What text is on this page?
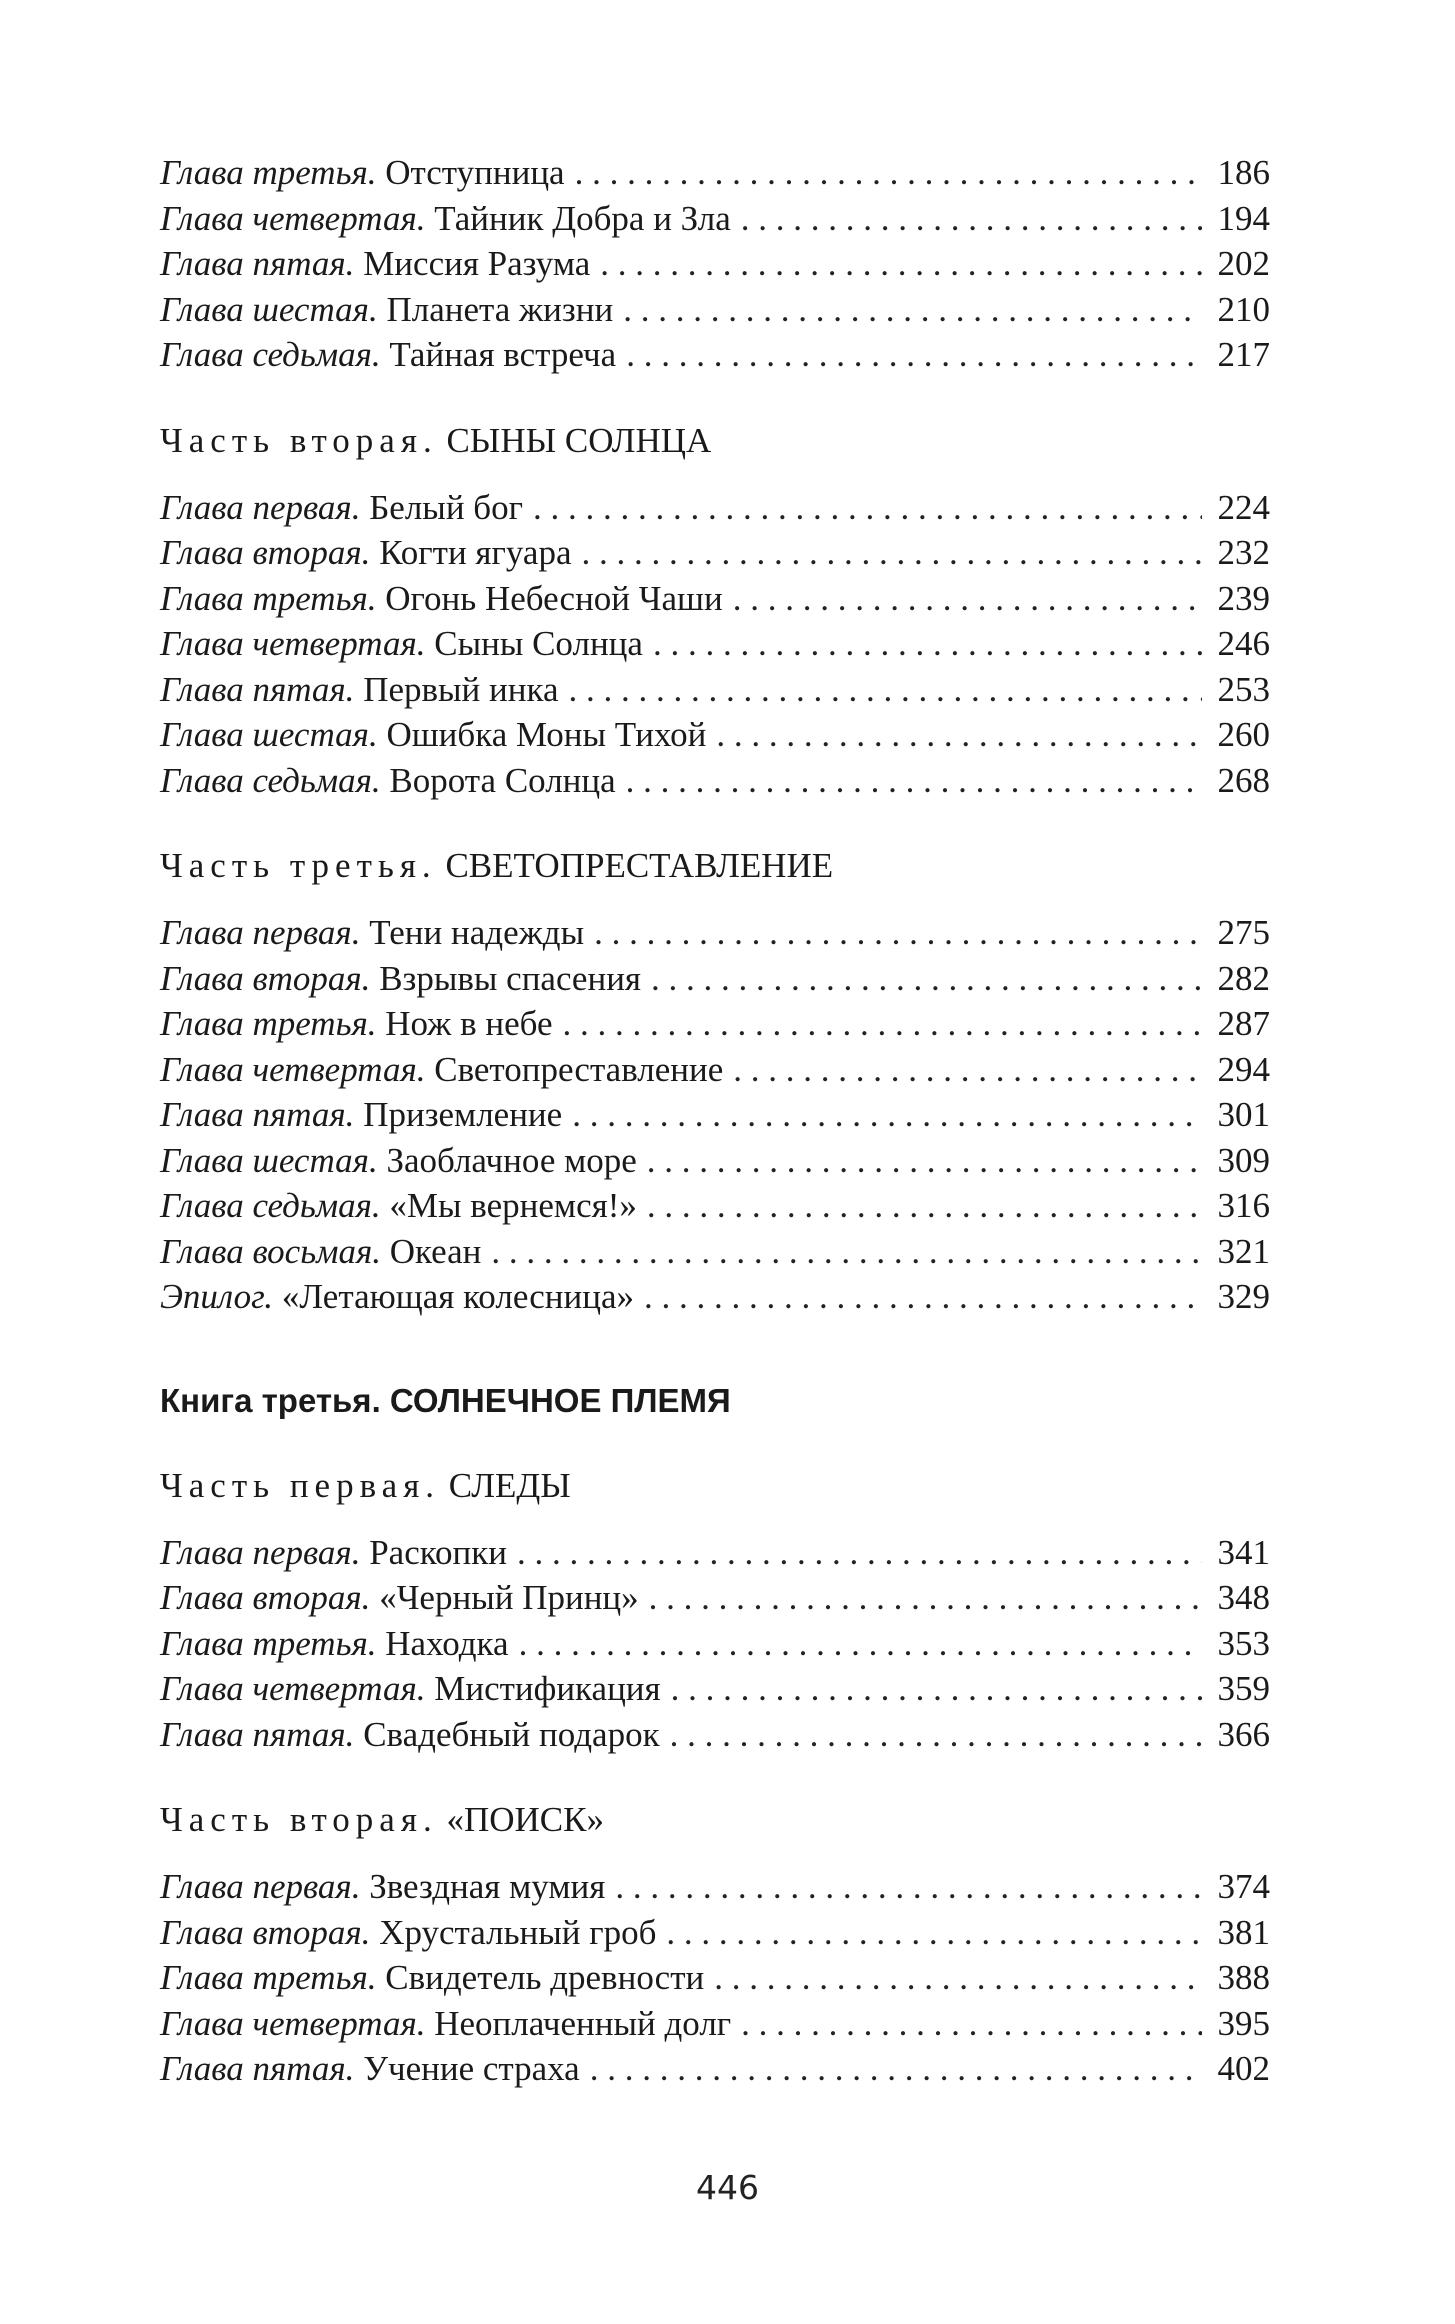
Глава третья. Отступница . . .	186
Глава четвертая. Тайник Добра и Зла . . .	194
Глава пятая. Миссия Разума . . .	202
Глава шестая. Планета жизни . . .	210
Глава седьмая. Тайная встреча . . .	217
Часть вторая. СЫНЫ СОЛНЦА
Глава первая. Белый бог . . .	224
Глава вторая. Когти ягуара . . .	232
Глава третья. Огонь Небесной Чаши . . .	239
Глава четвертая. Сыны Солнца . . .	246
Глава пятая. Первый инка . . .	253
Глава шестая. Ошибка Моны Тихой . . .	260
Глава седьмая. Ворота Солнца . . .	268
Часть третья. СВЕТОПРЕСТАВЛЕНИЕ
Глава первая. Тени надежды . . .	275
Глава вторая. Взрывы спасения . . .	282
Глава третья. Нож в небе . . .	287
Глава четвертая. Светопреставление . . .	294
Глава пятая. Приземление . . .	301
Глава шестая. Заоблачное море . . .	309
Глава седьмая. «Мы вернемся!» . . .	316
Глава восьмая. Океан . . .	321
Эпилог. «Летающая колесница» . . .	329
Книга третья. СОЛНЕЧНОЕ ПЛЕМЯ
Часть первая. СЛЕДЫ
Глава первая. Раскопки . . .	341
Глава вторая. «Черный Принц» . . .	348
Глава третья. Находка . . .	353
Глава четвертая. Мистификация . . .	359
Глава пятая. Свадебный подарок . . .	366
Часть вторая. «ПОИСК»
Глава первая. Звездная мумия . . .	374
Глава вторая. Хрустальный гроб . . .	381
Глава третья. Свидетель древности . . .	388
Глава четвертая. Неоплаченный долг . . .	395
Глава пятая. Учение страха . . .	402
446
